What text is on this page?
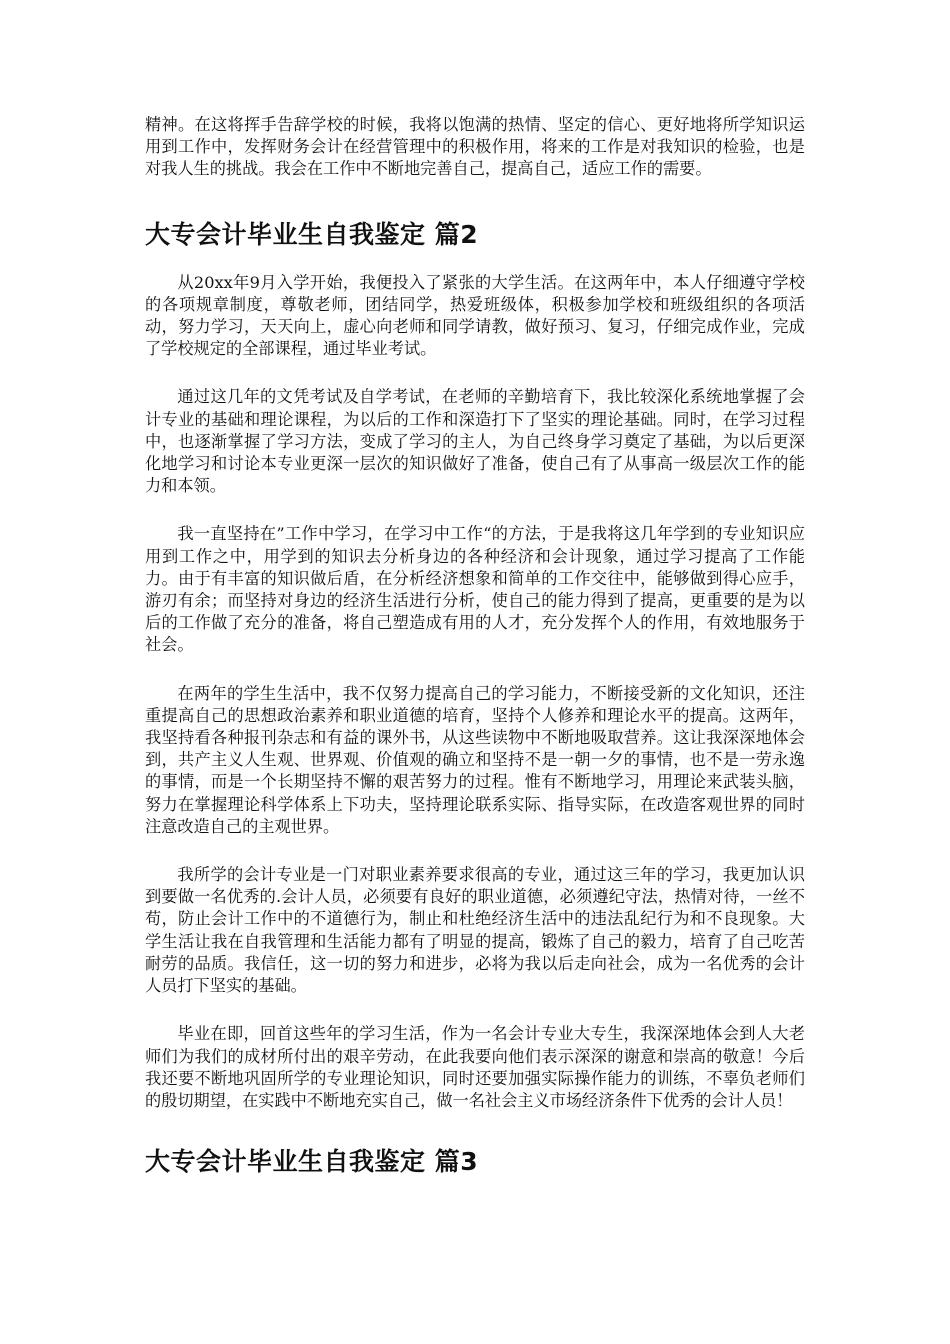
精神。在这将挥手告辞学校的时候，我将以饱满的热情、坚定的信心、更好地将所学知识运用到工作中，发挥财务会计在经营管理中的积极作用，将来的工作是对我知识的检验，也是对我人生的挑战。我会在工作中不断地完善自己，提高自己，适应工作的需要。

大专会计毕业生自我鉴定 篇2

从20xx年9月入学开始，我便投入了紧张的大学生活。在这两年中，本人仔细遵守学校的各项规章制度，尊敬老师，团结同学，热爱班级体，积极参加学校和班级组织的各项活动，努力学习，天天向上，虚心向老师和同学请教，做好预习、复习，仔细完成作业，完成了学校规定的全部课程，通过毕业考试。

通过这几年的文凭考试及自学考试，在老师的辛勤培育下，我比较深化系统地掌握了会计专业的基础和理论课程，为以后的工作和深造打下了坚实的理论基础。同时，在学习过程中，也逐渐掌握了学习方法，变成了学习的主人，为自己终身学习奠定了基础，为以后更深化地学习和讨论本专业更深一层次的知识做好了准备，使自己有了从事高一级层次工作的能力和本领。

我一直坚持在”工作中学习，在学习中工作“的方法，于是我将这几年学到的专业知识应用到工作之中，用学到的知识去分析身边的各种经济和会计现象，通过学习提高了工作能力。由于有丰富的知识做后盾，在分析经济想象和简单的工作交往中，能够做到得心应手，游刃有余；而坚持对身边的经济生活进行分析，使自己的能力得到了提高，更重要的是为以后的工作做了充分的准备，将自己塑造成有用的人才，充分发挥个人的作用，有效地服务于社会。

在两年的学生生活中，我不仅努力提高自己的学习能力，不断接受新的文化知识，还注重提高自己的思想政治素养和职业道德的培育，坚持个人修养和理论水平的提高。这两年，我坚持看各种报刊杂志和有益的课外书，从这些读物中不断地吸取营养。这让我深深地体会到，共产主义人生观、世界观、价值观的确立和坚持不是一朝一夕的事情，也不是一劳永逸的事情，而是一个长期坚持不懈的艰苦努力的过程。惟有不断地学习，用理论来武装头脑，努力在掌握理论科学体系上下功夫，坚持理论联系实际、指导实际，在改造客观世界的同时注意改造自己的主观世界。

我所学的会计专业是一门对职业素养要求很高的专业，通过这三年的学习，我更加认识到要做一名优秀的.会计人员，必须要有良好的职业道德，必须遵纪守法，热情对待，一丝不苟，防止会计工作中的不道德行为，制止和杜绝经济生活中的违法乱纪行为和不良现象。大学生活让我在自我管理和生活能力都有了明显的提高，锻炼了自己的毅力，培育了自己吃苦耐劳的品质。我信任，这一切的努力和进步，必将为我以后走向社会，成为一名优秀的会计人员打下坚实的基础。

毕业在即，回首这些年的学习生活，作为一名会计专业大专生，我深深地体会到人大老师们为我们的成材所付出的艰辛劳动，在此我要向他们表示深深的谢意和崇高的敬意！今后我还要不断地巩固所学的专业理论知识，同时还要加强实际操作能力的训练，不辜负老师们的殷切期望，在实践中不断地充实自己，做一名社会主义市场经济条件下优秀的会计人员！

大专会计毕业生自我鉴定 篇3
